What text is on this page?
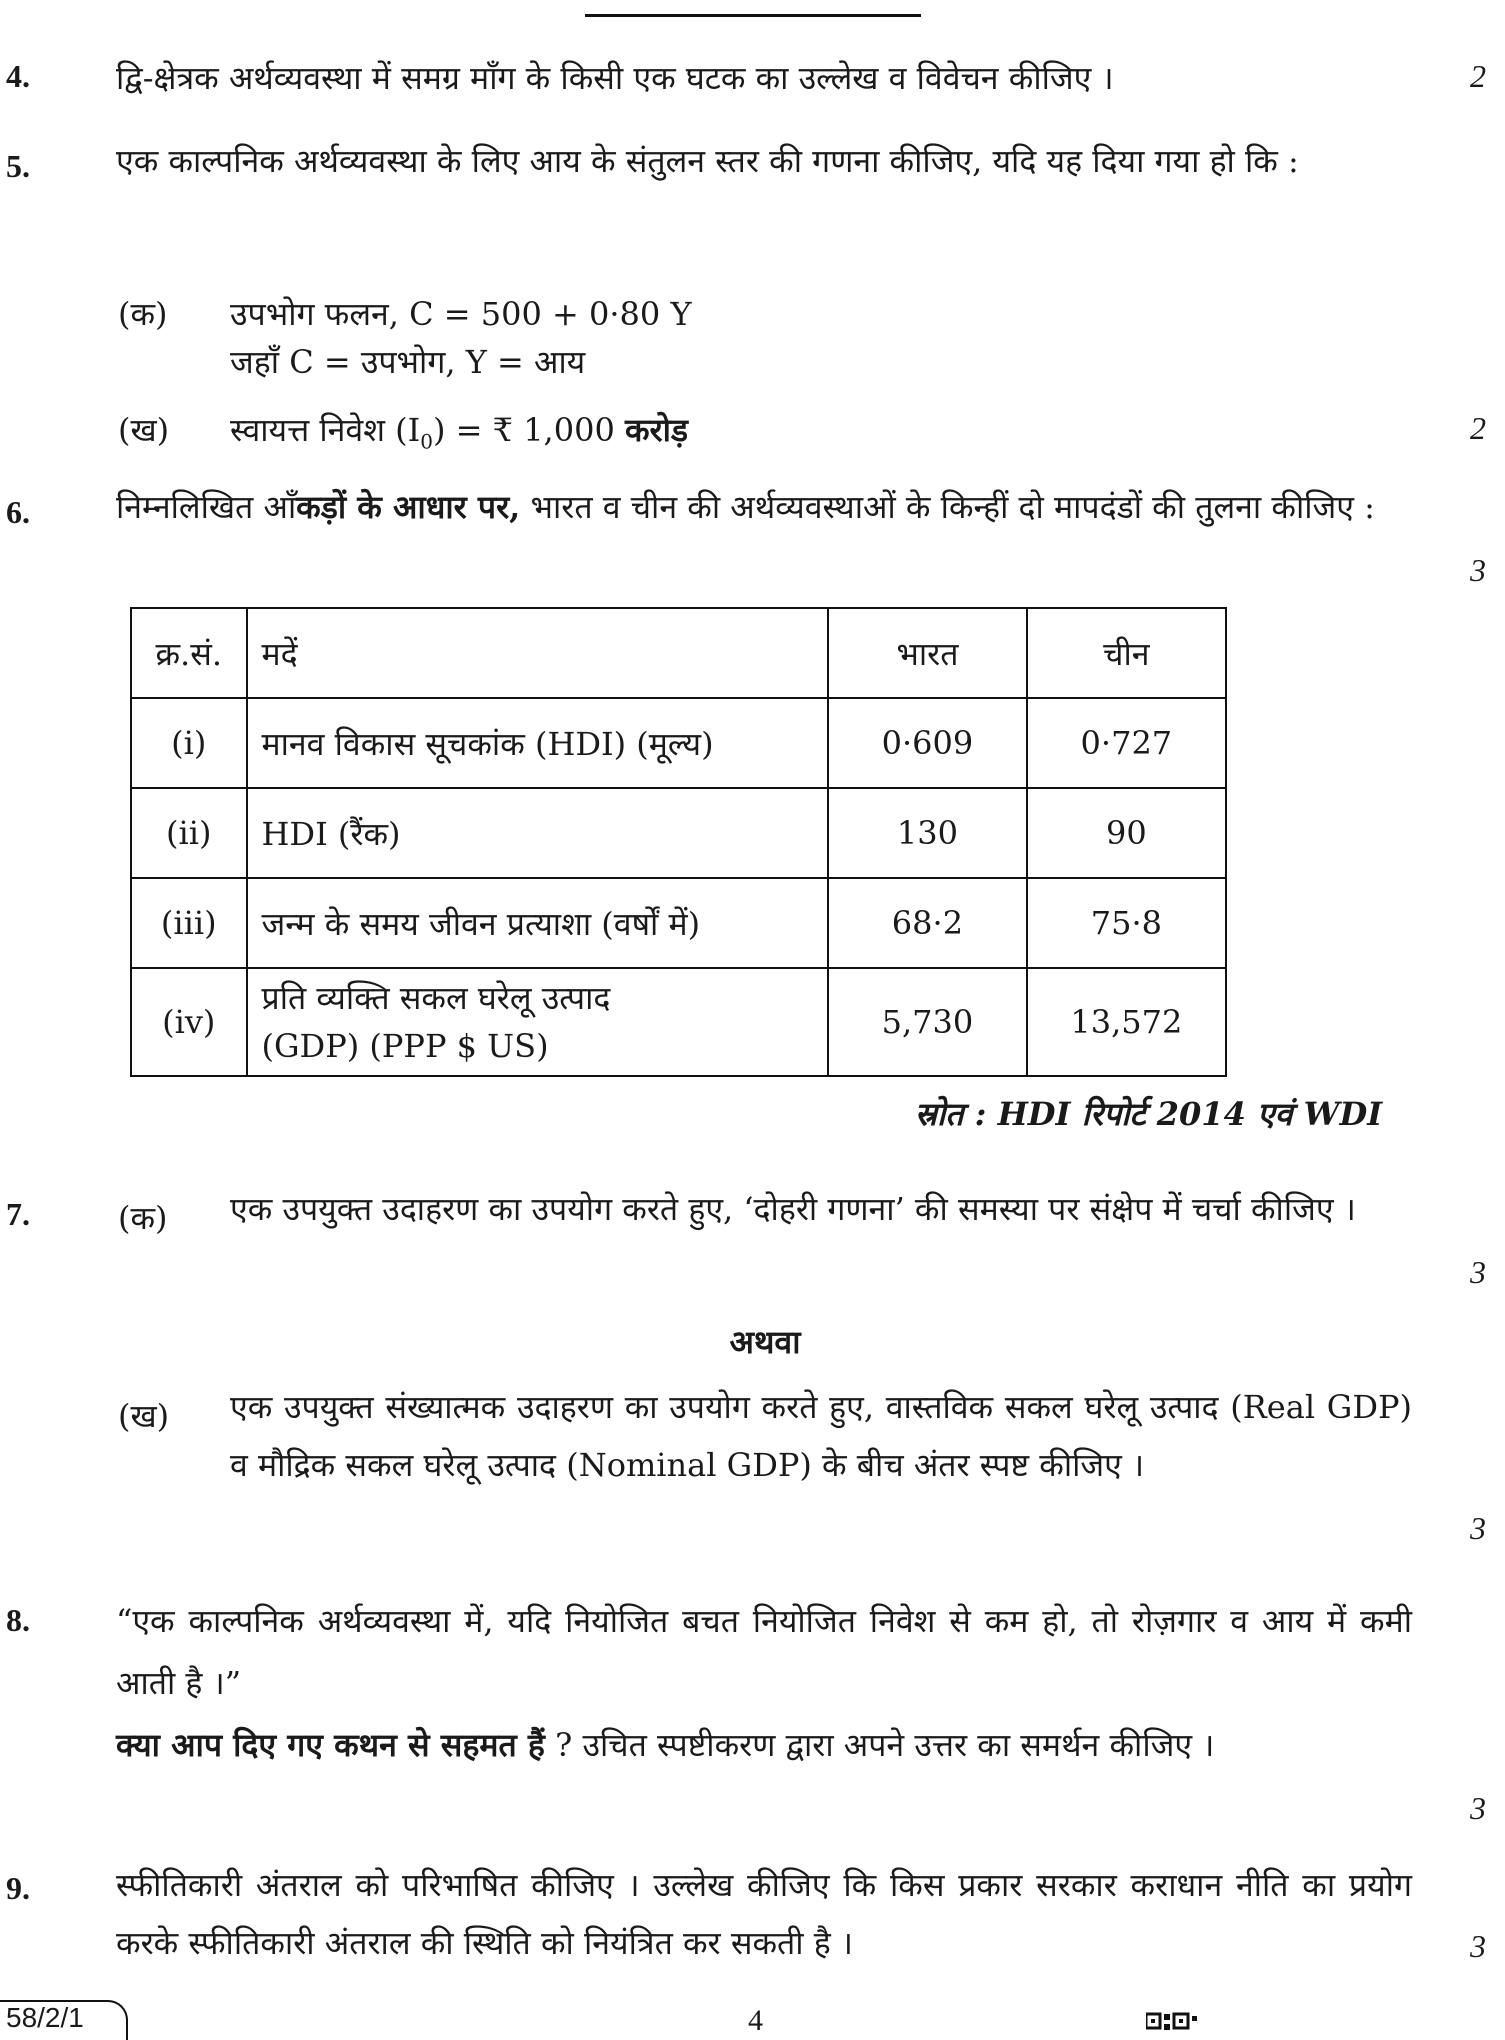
4.	द्वि-क्षेत्रक अर्थव्यवस्था में समग्र माँग के किसी एक घटक का उल्लेख व विवेचन कीजिए ।	2
5.	एक काल्पनिक अर्थव्यवस्था के लिए आय के संतुलन स्तर की गणना कीजिए, यदि यह दिया गया हो कि :
(क) उपभोग फलन, C = 500 + 0·80 Y
जहाँ C = उपभोग, Y = आय
(ख) स्वायत्त निवेश $(I_0)$ = ₹ 1,000 करोड़	2
6.	निम्नलिखित आँकड़ों के आधार पर, भारत व चीन की अर्थव्यवस्थाओं के किन्हीं दो मापदंडों की तुलना कीजिए :
3
क्र.सं.	मदें	भारत	चीन
(i)	मानव विकास सूचकांक (HDI) (मूल्य)	0·609	0·727
(ii)	HDI (रैंक)	130	90
(iii)	जन्म के समय जीवन प्रत्याशा (वर्षों में)	68·2	75·8
(iv)	प्रति व्यक्ति सकल घरेलू उत्पाद
(GDP) (PPP $ US)	5,730	13,572
स्रोत : HDI रिपोर्ट 2014 एवं WDI
7.	(क) एक उपयुक्त उदाहरण का उपयोग करते हुए, ‘दोहरी गणना’ की समस्या पर संक्षेप में चर्चा कीजिए ।
3
अथवा
(ख) एक उपयुक्त संख्यात्मक उदाहरण का उपयोग करते हुए, वास्तविक सकल घरेलू उत्पाद (Real GDP) व मौद्रिक सकल घरेलू उत्पाद (Nominal GDP) के बीच अंतर स्पष्ट कीजिए ।
3
8.	“एक काल्पनिक अर्थव्यवस्था में, यदि नियोजित बचत नियोजित निवेश से कम हो, तो रोज़गार व आय में कमी आती है ।”
क्या आप दिए गए कथन से सहमत हैं ? उचित स्पष्टीकरण द्वारा अपने उत्तर का समर्थन कीजिए ।
3
9.	स्फीतिकारी अंतराल को परिभाषित कीजिए । उल्लेख कीजिए कि किस प्रकार सरकार कराधान नीति का प्रयोग करके स्फीतिकारी अंतराल की स्थिति को नियंत्रित कर सकती है ।	3
58/2/1	4
